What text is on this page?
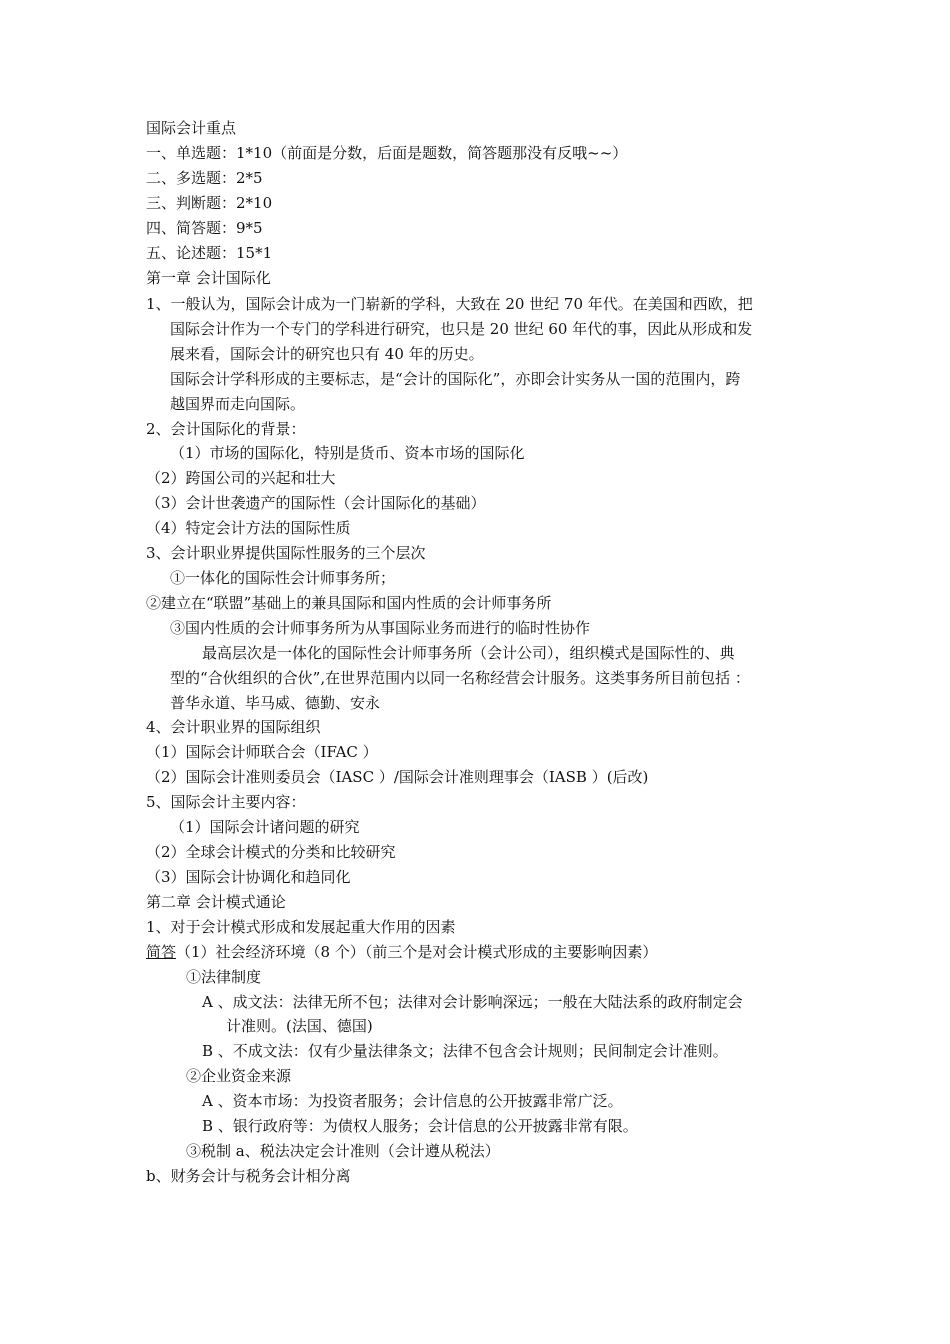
国际会计重点
一、单选题：1*10（前面是分数，后面是题数，简答题那没有反哦~~）
二、多选题：2*5
三、判断题：2*10
四、简答题：9*5
五、论述题：15*1
第一章 会计国际化
1、一般认为，国际会计成为一门崭新的学科，大致在 20 世纪 70 年代。在美国和西欧，把
国际会计作为一个专门的学科进行研究，也只是 20 世纪 60 年代的事，因此从形成和发
展来看，国际会计的研究也只有 40 年的历史。
国际会计学科形成的主要标志，是“会计的国际化”，亦即会计实务从一国的范围内，跨
越国界而走向国际。
2、会计国际化的背景：
（1）市场的国际化，特别是货币、资本市场的国际化
（2）跨国公司的兴起和壮大
（3）会计世袭遗产的国际性（会计国际化的基础）
（4）特定会计方法的国际性质
3、会计职业界提供国际性服务的三个层次
①一体化的国际性会计师事务所；
②建立在“联盟”基础上的兼具国际和国内性质的会计师事务所
③国内性质的会计师事务所为从事国际业务而进行的临时性协作
最高层次是一体化的国际性会计师事务所（会计公司），组织模式是国际性的、典
型的“合伙组织的合伙”,在世界范围内以同一名称经营会计服务。这类事务所目前包括 ：
普华永道、毕马威、德勤、安永
4、会计职业界的国际组织
（1）国际会计师联合会（IFAC ）
（2）国际会计准则委员会（IASC ）/国际会计准则理事会（IASB ）(后改)
5、国际会计主要内容：
（1）国际会计诸问题的研究
（2）全球会计模式的分类和比较研究
（3）国际会计协调化和趋同化
第二章 会计模式通论
1、对于会计模式形成和发展起重大作用的因素
简答（1）社会经济环境（8 个）（前三个是对会计模式形成的主要影响因素）
①法律制度
A 、成文法：法律无所不包；法律对会计影响深远；一般在大陆法系的政府制定会
计准则。(法国、德国)
B 、不成文法：仅有少量法律条文；法律不包含会计规则；民间制定会计准则。
②企业资金来源
A 、资本市场：为投资者服务；会计信息的公开披露非常广泛。
B 、银行政府等：为债权人服务；会计信息的公开披露非常有限。
③税制 a、税法决定会计准则（会计遵从税法）
b、财务会计与税务会计相分离
